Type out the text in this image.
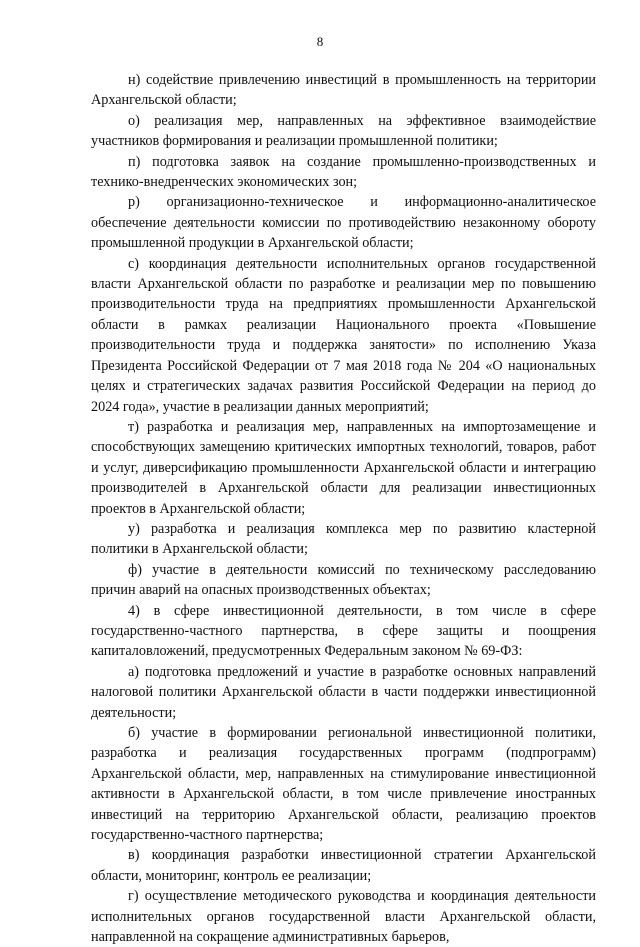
8

н) содействие привлечению инвестиций в промышленность на территории Архангельской области;

о) реализация мер, направленных на эффективное взаимодействие участников формирования и реализации промышленной политики;

п) подготовка заявок на создание промышленно-производственных и технико-внедренческих экономических зон;

р) организационно-техническое и информационно-аналитическое обеспечение деятельности комиссии по противодействию незаконному обороту промышленной продукции в Архангельской области;

с) координация деятельности исполнительных органов государственной власти Архангельской области по разработке и реализации мер по повышению производительности труда на предприятиях промышленности Архангельской области в рамках реализации Национального проекта «Повышение производительности труда и поддержка занятости» по исполнению Указа Президента Российской Федерации от 7 мая 2018 года № 204 «О национальных целях и стратегических задачах развития Российской Федерации на период до 2024 года», участие в реализации данных мероприятий;

т) разработка и реализация мер, направленных на импортозамещение и способствующих замещению критических импортных технологий, товаров, работ и услуг, диверсификацию промышленности Архангельской области и интеграцию производителей в Архангельской области для реализации инвестиционных проектов в Архангельской области;

у) разработка и реализация комплекса мер по развитию кластерной политики в Архангельской области;

ф) участие в деятельности комиссий по техническому расследованию причин аварий на опасных производственных объектах;

4) в сфере инвестиционной деятельности, в том числе в сфере государственно-частного партнерства, в сфере защиты и поощрения капиталовложений, предусмотренных Федеральным законом № 69-ФЗ:

а) подготовка предложений и участие в разработке основных направлений налоговой политики Архангельской области в части поддержки инвестиционной деятельности;

б) участие в формировании региональной инвестиционной политики, разработка и реализация государственных программ (подпрограмм) Архангельской области, мер, направленных на стимулирование инвестиционной активности в Архангельской области, в том числе привлечение иностранных инвестиций на территорию Архангельской области, реализацию проектов государственно-частного партнерства;

в) координация разработки инвестиционной стратегии Архангельской области, мониторинг, контроль ее реализации;

г) осуществление методического руководства и координация деятельности исполнительных органов государственной власти Архангельской области, направленной на сокращение административных барьеров,
